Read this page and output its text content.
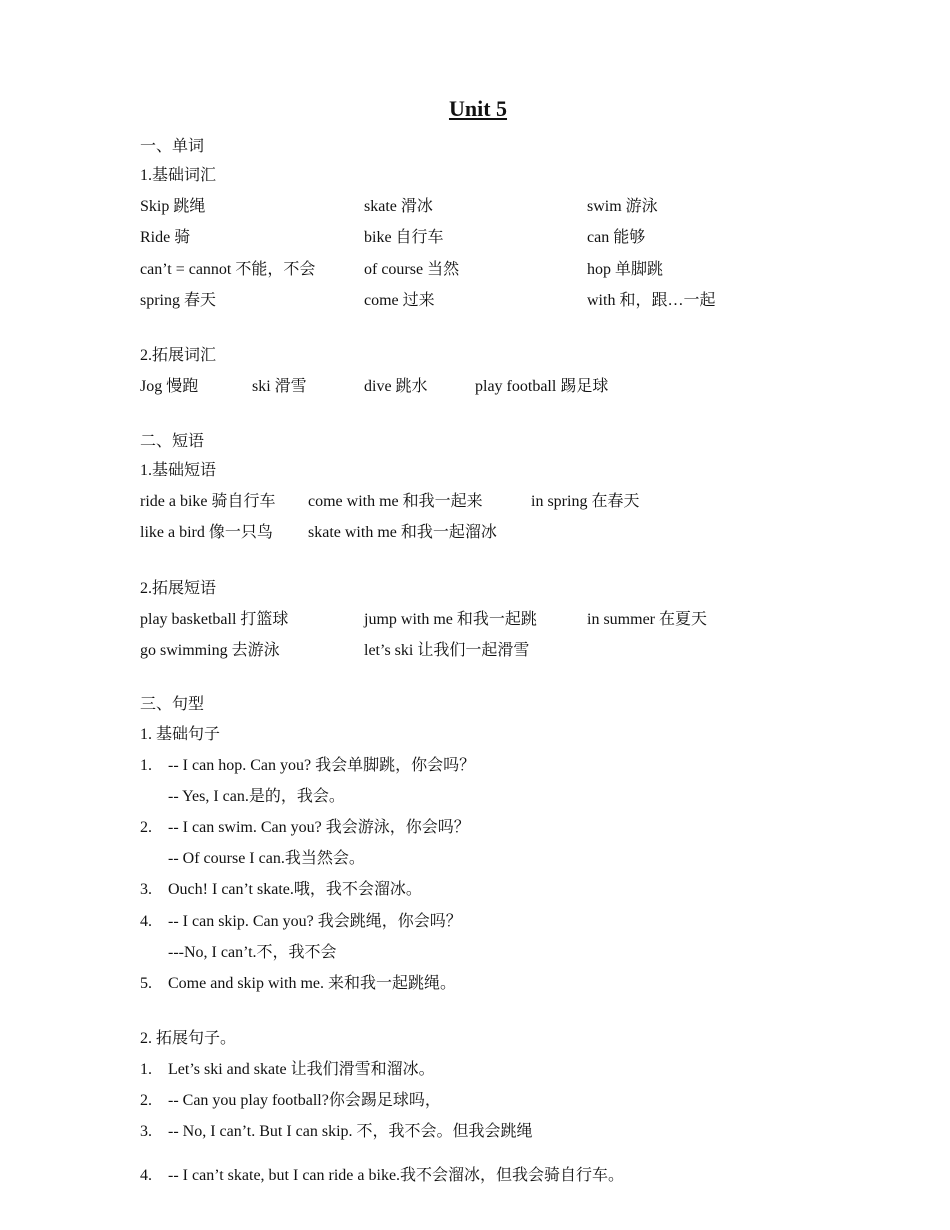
Unit 5
一、单词
1.基础词汇
Skip 跳绳	skate 滑冰	swim 游泳
Ride 骑	bike 自行车	can 能够
can’t = cannot 不能，不会	of course 当然	hop 单脚跳
spring 春天	come 过来	with 和，跟…一起
2.拓展词汇
Jog 慢跑	ski 滑雪	dive 跳水	play football 踢足球
二、短语
1.基础短语
ride a bike 骑自行车 come with me 和我一起来	in spring 在春天
like a bird 像一只鸟 skate with me 和我一起溜冰
2.拓展短语
play basketball 打篮球	jump with me 和我一起跳	in summer 在夏天
go swimming 去游泳	let’s ski 让我们一起滑雪
三、句型
1. 基础句子
1. -- I can hop. Can you? 我会单脚跳，你会吗？
-- Yes, I can.是的，我会。
2. -- I can swim. Can you? 我会游泳，你会吗？
-- Of course I can.我当然会。
3. Ouch! I can’t skate.哦，我不会溜冰。
4. -- I can skip. Can you? 我会跳绳，你会吗？
---No, I can’t.不，我不会
5. Come and skip with me. 来和我一起跳绳。
2. 拓展句子。
1. Let’s ski and skate 让我们滑雪和溜冰。
2. -- Can you play football?你会踢足球吗，
3. -- No, I can’t. But I can skip. 不，我不会。但我会跳绳
4. -- I can’t skate, but I can ride a bike.我不会溜冰，但我会骑自行车。
